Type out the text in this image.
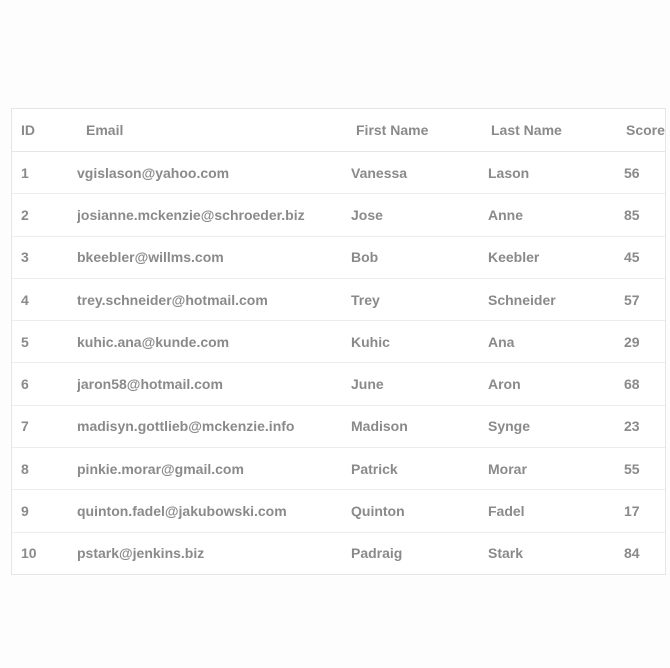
ID	Email	First Name	Last Name	Score
1	vgislason@yahoo.com	Vanessa	Lason	56
2	josianne.mckenzie@schroeder.biz	Jose	Anne	85
3	bkeebler@willms.com	Bob	Keebler	45
4	trey.schneider@hotmail.com	Trey	Schneider	57
5	kuhic.ana@kunde.com	Kuhic	Ana	29
6	jaron58@hotmail.com	June	Aron	68
7	madisyn.gottlieb@mckenzie.info	Madison	Synge	23
8	pinkie.morar@gmail.com	Patrick	Morar	55
9	quinton.fadel@jakubowski.com	Quinton	Fadel	17
10	pstark@jenkins.biz	Padraig	Stark	84
